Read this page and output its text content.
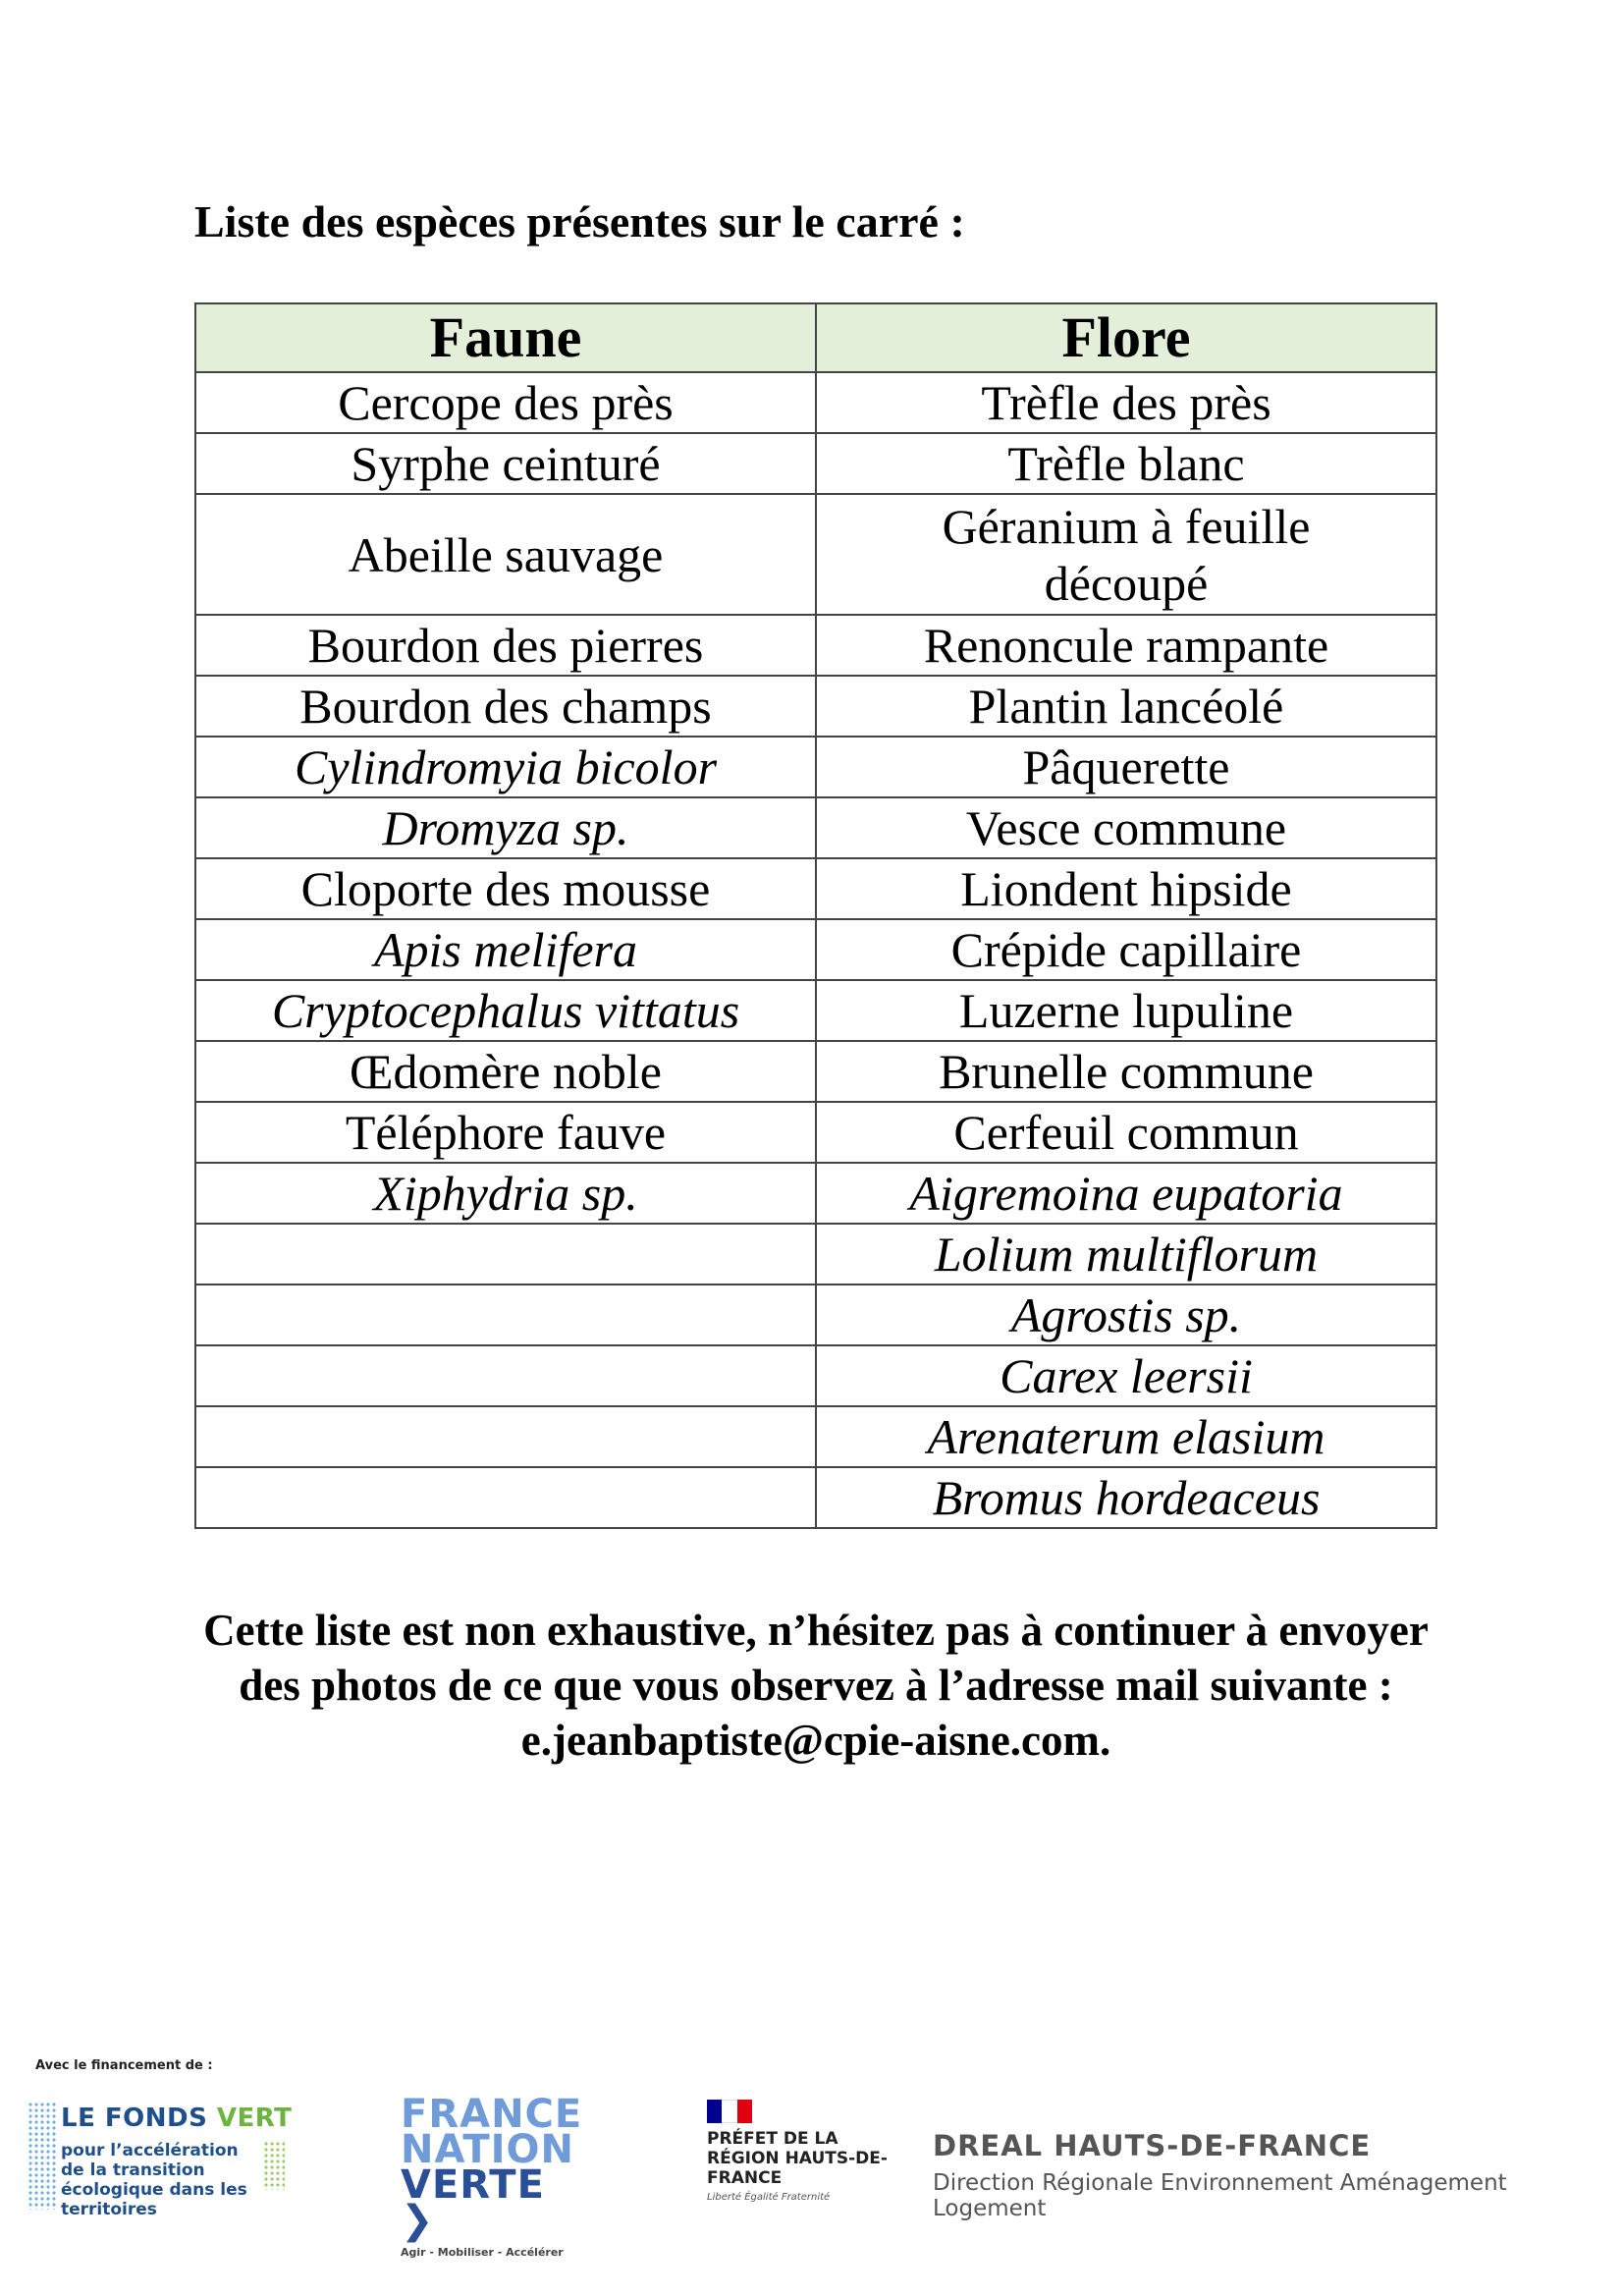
Liste des espèces présentes sur le carré :

Faune	Flore
Cercope des près	Trèfle des près
Syrphe ceinturé	Trèfle blanc
Abeille sauvage	Géranium à feuille découpé
Bourdon des pierres	Renoncule rampante
Bourdon des champs	Plantin lancéolé
Cylindromyia bicolor	Pâquerette
Dromyza sp.	Vesce commune
Cloporte des mousse	Liondent hipside
Apis melifera	Crépide capillaire
Cryptocephalus vittatus	Luzerne lupuline
Œdomère noble	Brunelle commune
Téléphore fauve	Cerfeuil commun
Xiphydria sp.	Aigremoina eupatoria
	Lolium multiflorum
	Agrostis sp.
	Carex leersii
	Arenaterum elasium
	Bromus hordeaceus

Cette liste est non exhaustive, n’hésitez pas à continuer à envoyer des photos de ce que vous observez à l’adresse mail suivante : e.jeanbaptiste@cpie-aisne.com.

Avec le financement de :
LE FONDS VERT
pour l’accélération de la transition écologique dans les territoires
FRANCE
NATION
VERTE ❯
Agir - Mobiliser - Accélérer
PRÉFET DE LA RÉGION HAUTS-DE-FRANCE
Liberté Égalité Fraternité
DREAL HAUTS-DE-FRANCE
Direction Régionale Environnement Aménagement Logement
